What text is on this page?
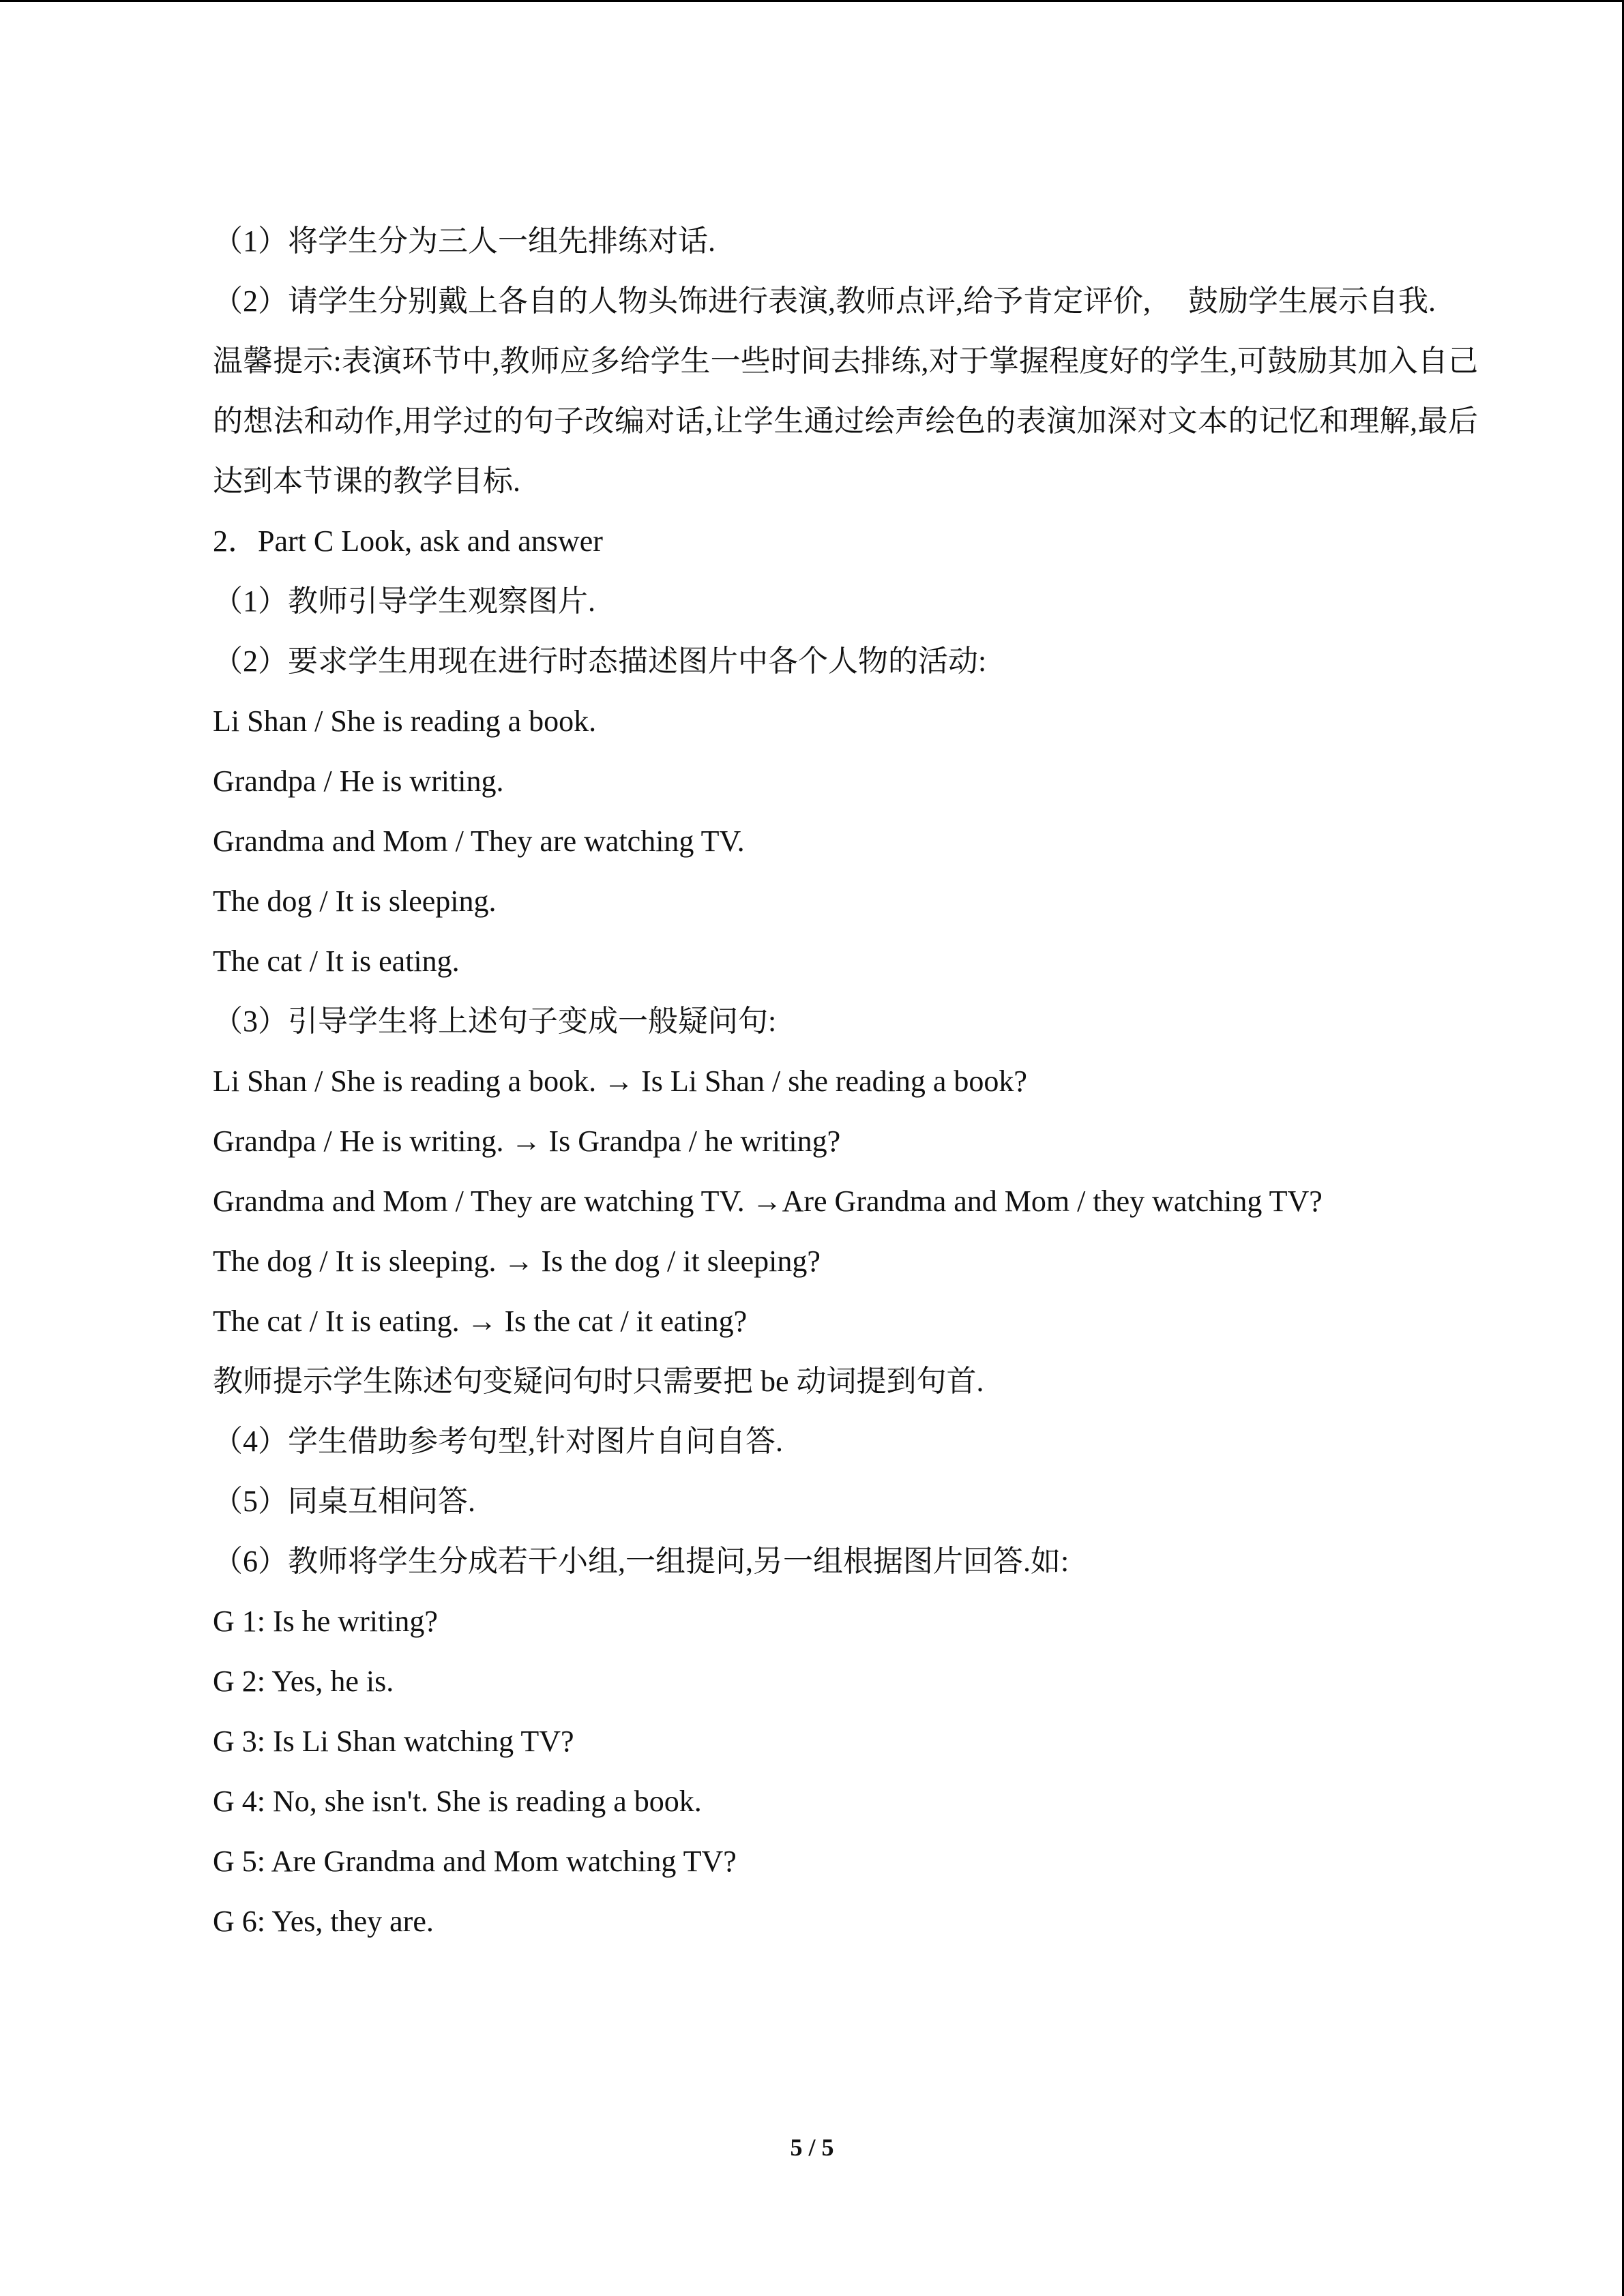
（1）将学生分为三人一组先排练对话.
（2）请学生分别戴上各自的人物头饰进行表演,教师点评,给予肯定评价,　 鼓励学生展示自我.
温馨提示:表演环节中,教师应多给学生一些时间去排练,对于掌握程度好的学生,可鼓励其加入自己的想法和动作,用学过的句子改编对话,让学生通过绘声绘色的表演加深对文本的记忆和理解,最后达到本节课的教学目标.
2．Part C Look, ask and answer
（1）教师引导学生观察图片.
（2）要求学生用现在进行时态描述图片中各个人物的活动:
Li Shan / She is reading a book.
Grandpa / He is writing.
Grandma and Mom / They are watching TV.
The dog / It is sleeping.
The cat / It is eating.
（3）引导学生将上述句子变成一般疑问句:
Li Shan / She is reading a book. → Is Li Shan / she reading a book?
Grandpa / He is writing. → Is Grandpa / he writing?
Grandma and Mom / They are watching TV. →Are Grandma and Mom / they watching TV?
The dog / It is sleeping. → Is the dog / it sleeping?
The cat / It is eating. → Is the cat / it eating?
教师提示学生陈述句变疑问句时只需要把 be 动词提到句首.
（4）学生借助参考句型,针对图片自问自答.
（5）同桌互相问答.
（6）教师将学生分成若干小组,一组提问,另一组根据图片回答.如:
G 1: Is he writing?
G 2: Yes, he is.
G 3: Is Li Shan watching TV?
G 4: No, she isn't. She is reading a book.
G 5: Are Grandma and Mom watching TV?
G 6: Yes, they are.
5 / 5
